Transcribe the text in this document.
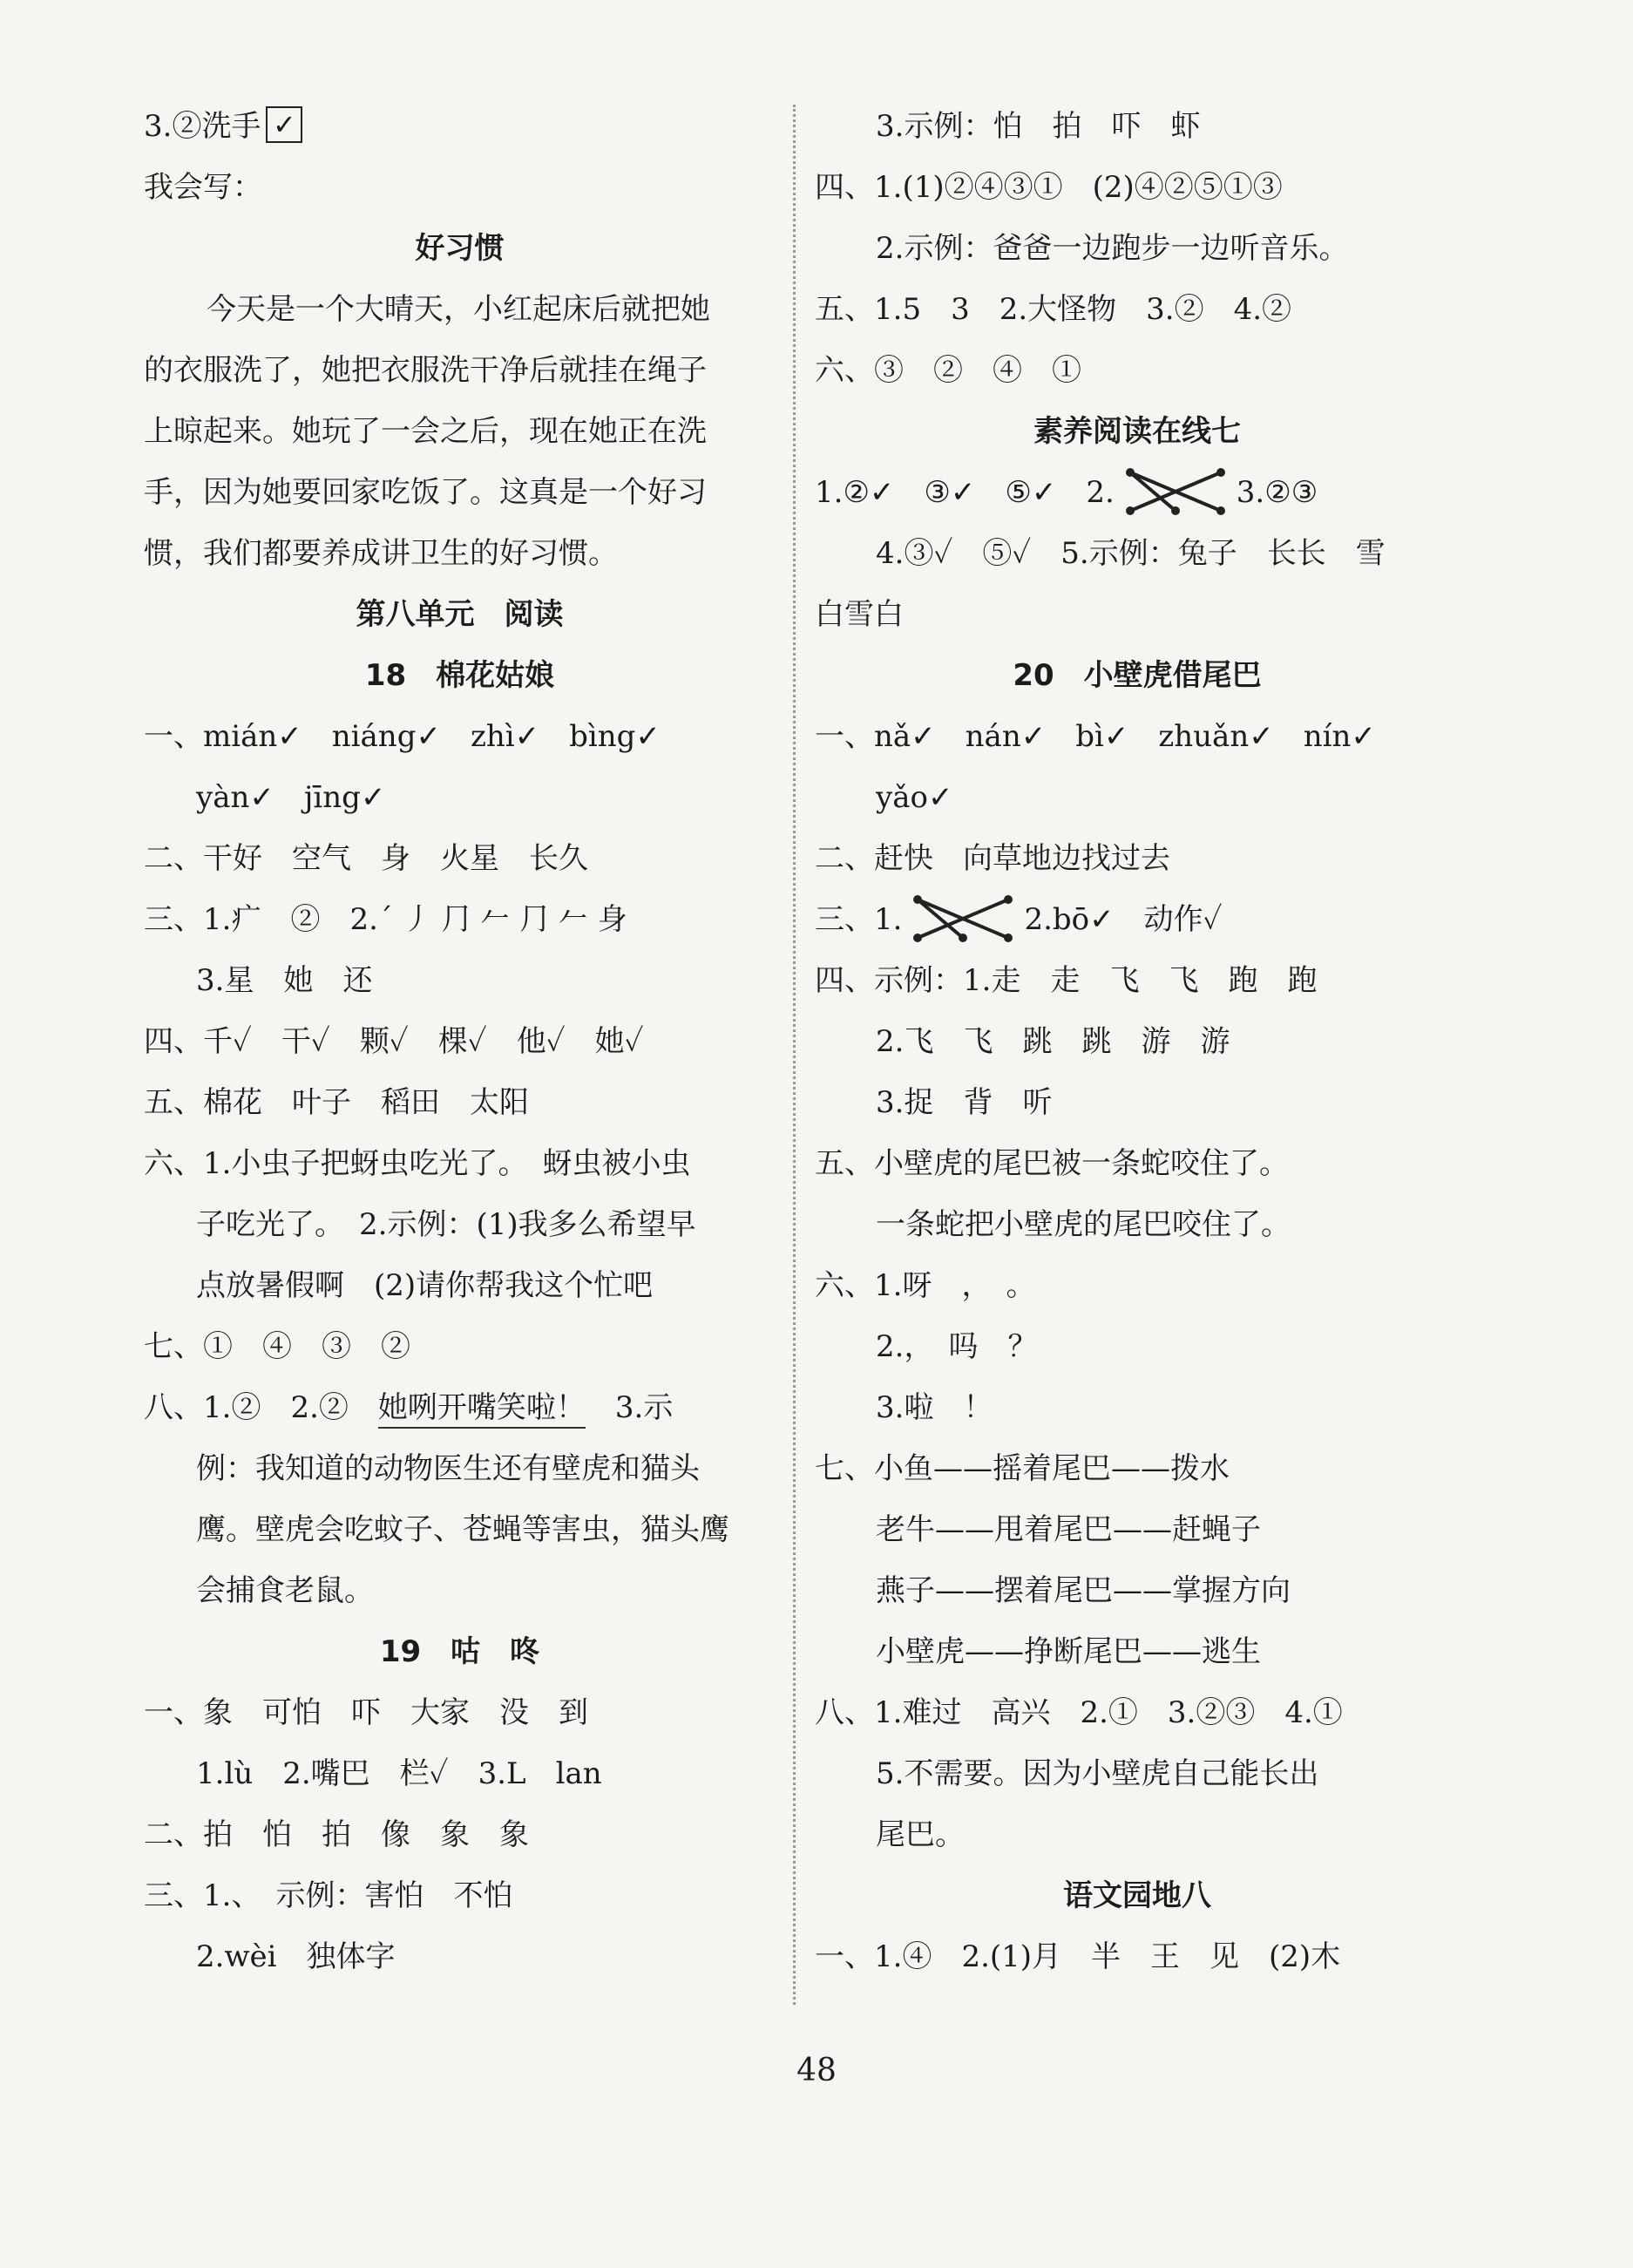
3.②洗手 ✓
我会写：
好习惯
今天是一个大晴天，小红起床后就把她
的衣服洗了，她把衣服洗干净后就挂在绳子
上晾起来。她玩了一会之后，现在她正在洗
手，因为她要回家吃饭了。这真是一个好习
惯，我们都要养成讲卫生的好习惯。
第八单元　阅读
18　棉花姑娘
一、mián✓　niáng✓　zhì✓　bìng✓
yàn✓　jīng✓
二、干好　空气　身　火星　长久
三、1.疒　②　2.´ 丿 ⺆ 𠂉 ⺆ 𠂉 身
3.星　她　还
四、千✓　干✓　颗✓　棵✓　他✓　她✓
五、棉花　叶子　稻田　太阳
六、1.小虫子把蚜虫吃光了。　蚜虫被小虫
子吃光了。　2.示例：(1)我多么希望早
点放暑假啊　(2)请你帮我这个忙吧
七、①　④　③　②
八、1.②　2.②　她咧开嘴笑啦！　3.示
例：我知道的动物医生还有壁虎和猫头
鹰。壁虎会吃蚊子、苍蝇等害虫，猫头鹰
会捕食老鼠。
19　咕　咚
一、象　可怕　吓　大家　没　到
1.lù　2.嘴巴　栏✓　3.L　lan
二、拍　怕　拍　像　象　象
三、1.、　示例：害怕　不怕
2.wèi　独体字
3.示例：怕　拍　吓　虾
四、1.(1)②④③①　(2)④②⑤①③
2.示例：爸爸一边跑步一边听音乐。
五、1.5　3　2.大怪物　3.②　4.②
六、③　②　④　①
素养阅读在线七
1.②✓　③✓　⑤✓　2.	3.②③
4.③✓　⑤✓　5.示例：兔子　长长　雪
白雪白
20　小壁虎借尾巴
一、nǎ✓　nán✓　bì✓　zhuǎn✓　nín✓
yǎo✓
二、赶快　向草地边找过去
三、1.	2.bō✓　动作✓
四、示例：1.走　走　飞　飞　跑　跑
2.飞　飞　跳　跳　游　游
3.捉　背　听
五、小壁虎的尾巴被一条蛇咬住了。
一条蛇把小壁虎的尾巴咬住了。
六、1.呀　，　。
2.，　吗　？
3.啦　！
七、小鱼——摇着尾巴——拨水
老牛——甩着尾巴——赶蝇子
燕子——摆着尾巴——掌握方向
小壁虎——挣断尾巴——逃生
八、1.难过　高兴　2.①　3.②③　4.①
5.不需要。因为小壁虎自己能长出
尾巴。
语文园地八
一、1.④　2.(1)月　半　王　见　(2)木
48
